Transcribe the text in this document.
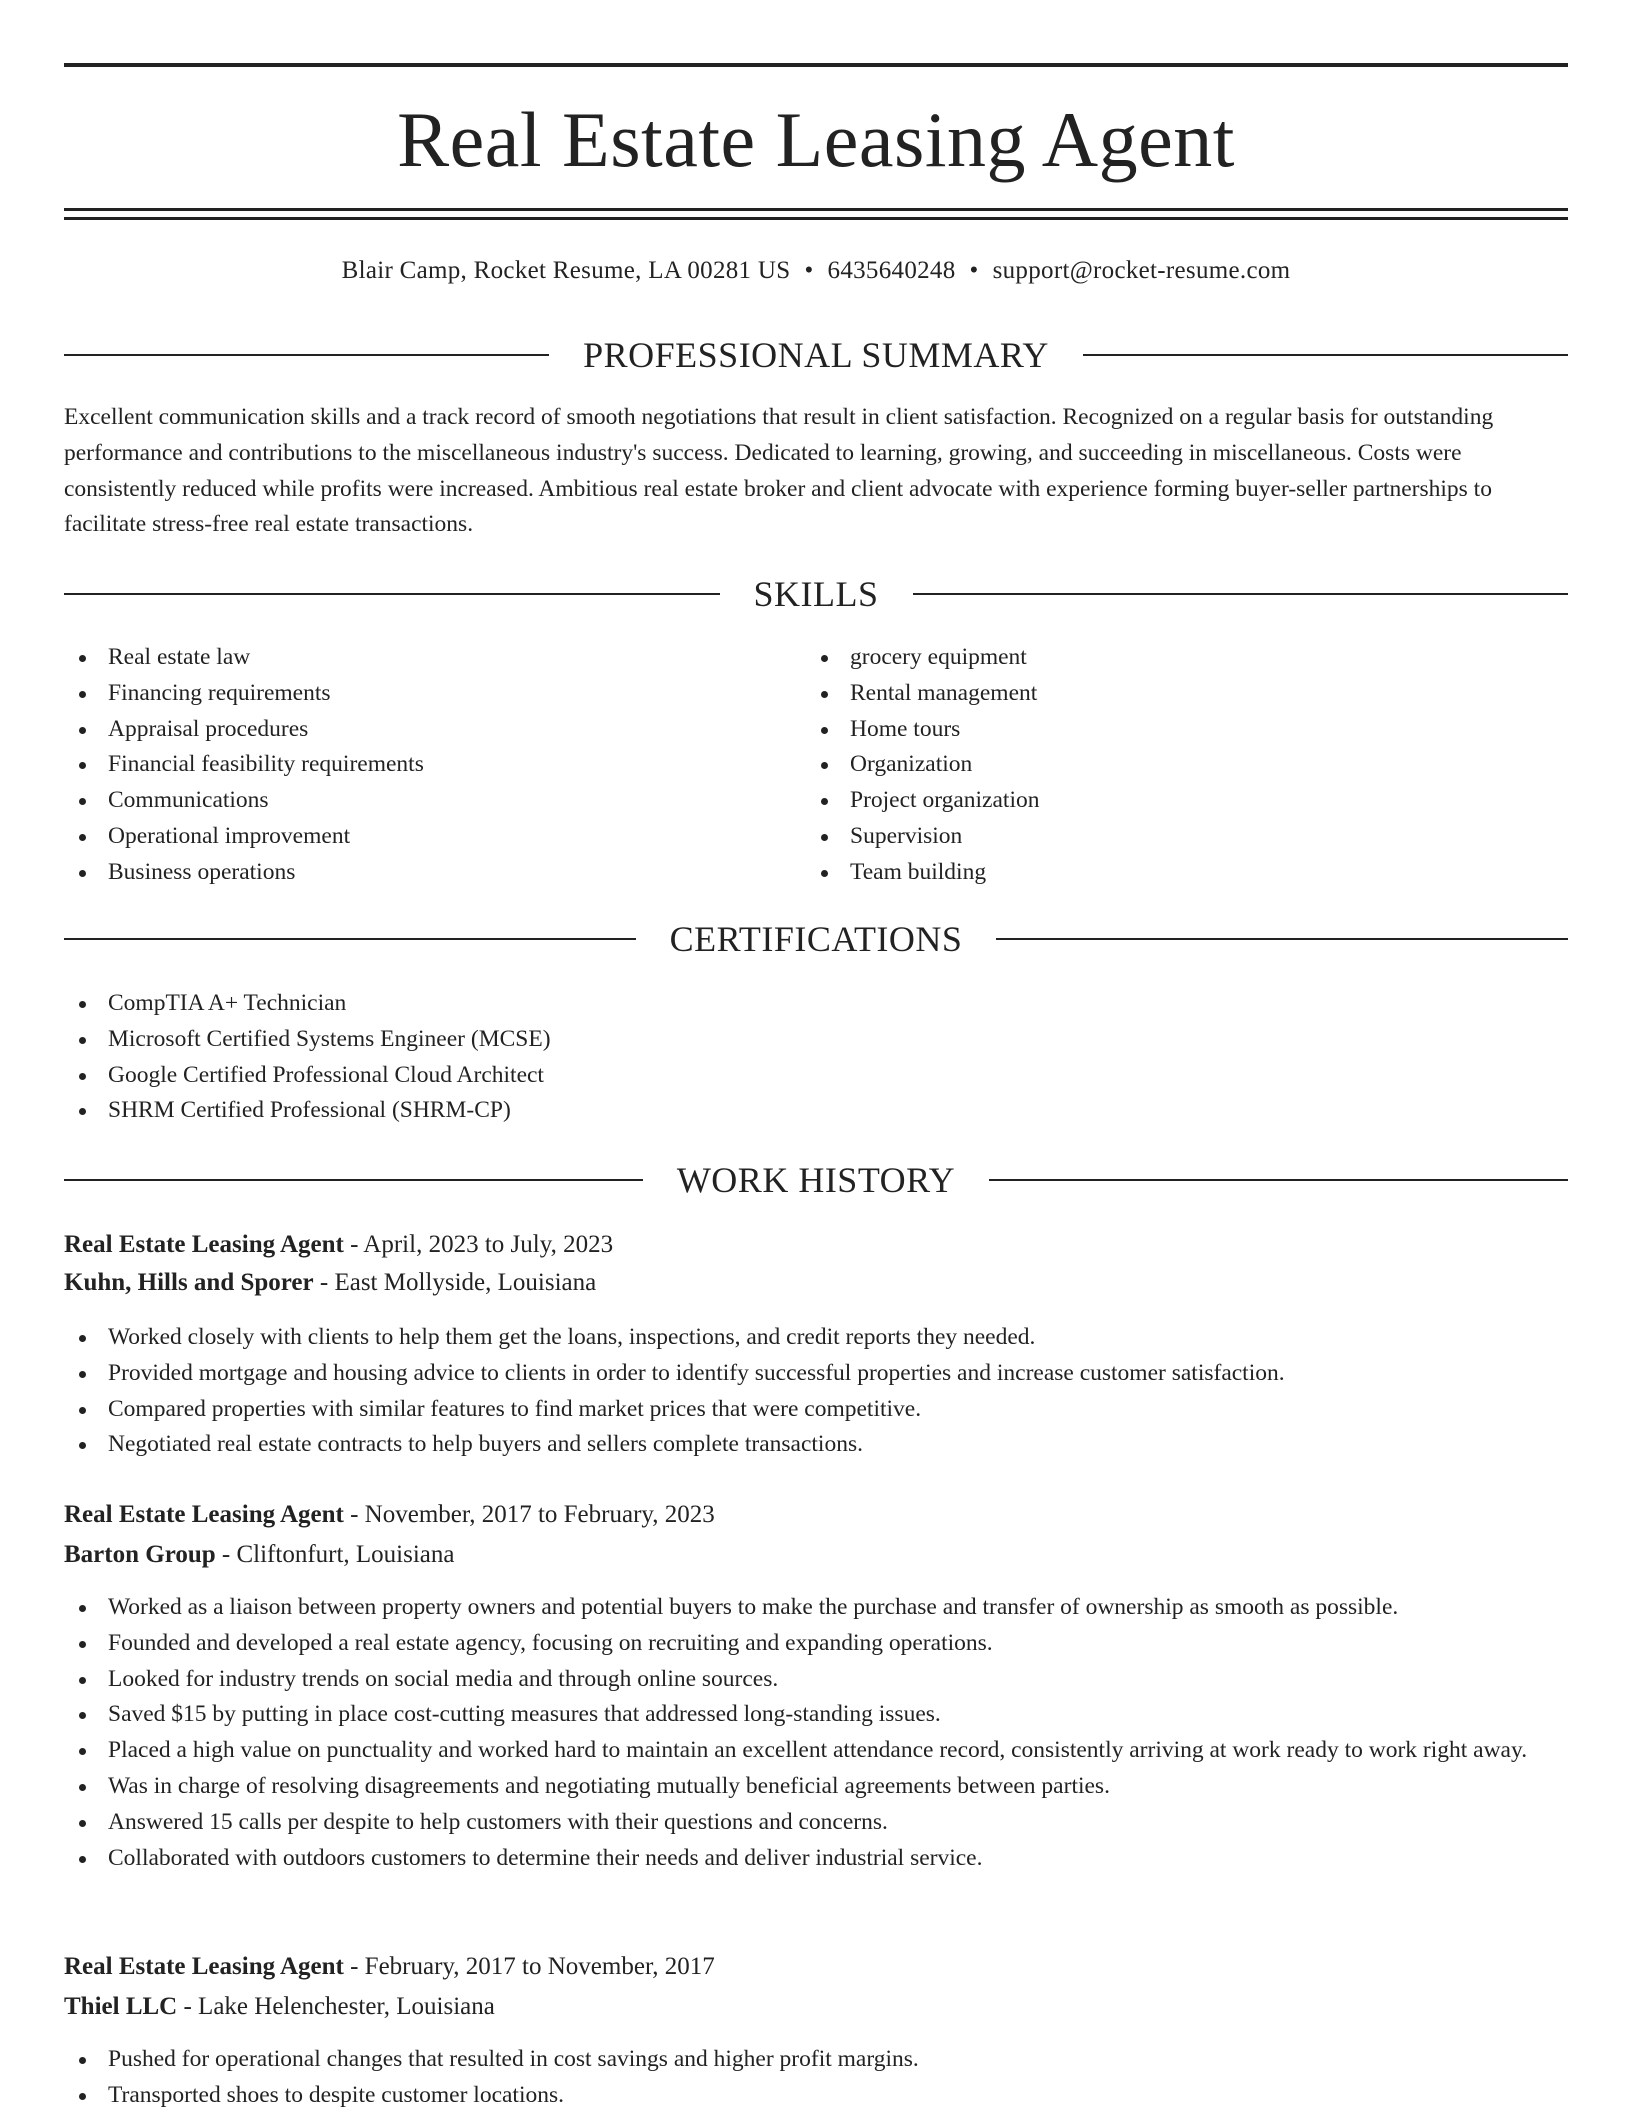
Real Estate Leasing Agent
Blair Camp, Rocket Resume, LA 00281 US • 6435640248 • support@rocket-resume.com
PROFESSIONAL SUMMARY
Excellent communication skills and a track record of smooth negotiations that result in client satisfaction. Recognized on a regular basis for outstanding performance and contributions to the miscellaneous industry's success. Dedicated to learning, growing, and succeeding in miscellaneous. Costs were consistently reduced while profits were increased. Ambitious real estate broker and client advocate with experience forming buyer-seller partnerships to facilitate stress-free real estate transactions.
SKILLS
Real estate law
Financing requirements
Appraisal procedures
Financial feasibility requirements
Communications
Operational improvement
Business operations
grocery equipment
Rental management
Home tours
Organization
Project organization
Supervision
Team building
CERTIFICATIONS
CompTIA A+ Technician
Microsoft Certified Systems Engineer (MCSE)
Google Certified Professional Cloud Architect
SHRM Certified Professional (SHRM-CP)
WORK HISTORY
Real Estate Leasing Agent - April, 2023 to July, 2023
Kuhn, Hills and Sporer - East Mollyside, Louisiana
Worked closely with clients to help them get the loans, inspections, and credit reports they needed.
Provided mortgage and housing advice to clients in order to identify successful properties and increase customer satisfaction.
Compared properties with similar features to find market prices that were competitive.
Negotiated real estate contracts to help buyers and sellers complete transactions.
Real Estate Leasing Agent - November, 2017 to February, 2023
Barton Group - Cliftonfurt, Louisiana
Worked as a liaison between property owners and potential buyers to make the purchase and transfer of ownership as smooth as possible.
Founded and developed a real estate agency, focusing on recruiting and expanding operations.
Looked for industry trends on social media and through online sources.
Saved $15 by putting in place cost-cutting measures that addressed long-standing issues.
Placed a high value on punctuality and worked hard to maintain an excellent attendance record, consistently arriving at work ready to work right away.
Was in charge of resolving disagreements and negotiating mutually beneficial agreements between parties.
Answered 15 calls per despite to help customers with their questions and concerns.
Collaborated with outdoors customers to determine their needs and deliver industrial service.
Real Estate Leasing Agent - February, 2017 to November, 2017
Thiel LLC - Lake Helenchester, Louisiana
Pushed for operational changes that resulted in cost savings and higher profit margins.
Transported shoes to despite customer locations.
